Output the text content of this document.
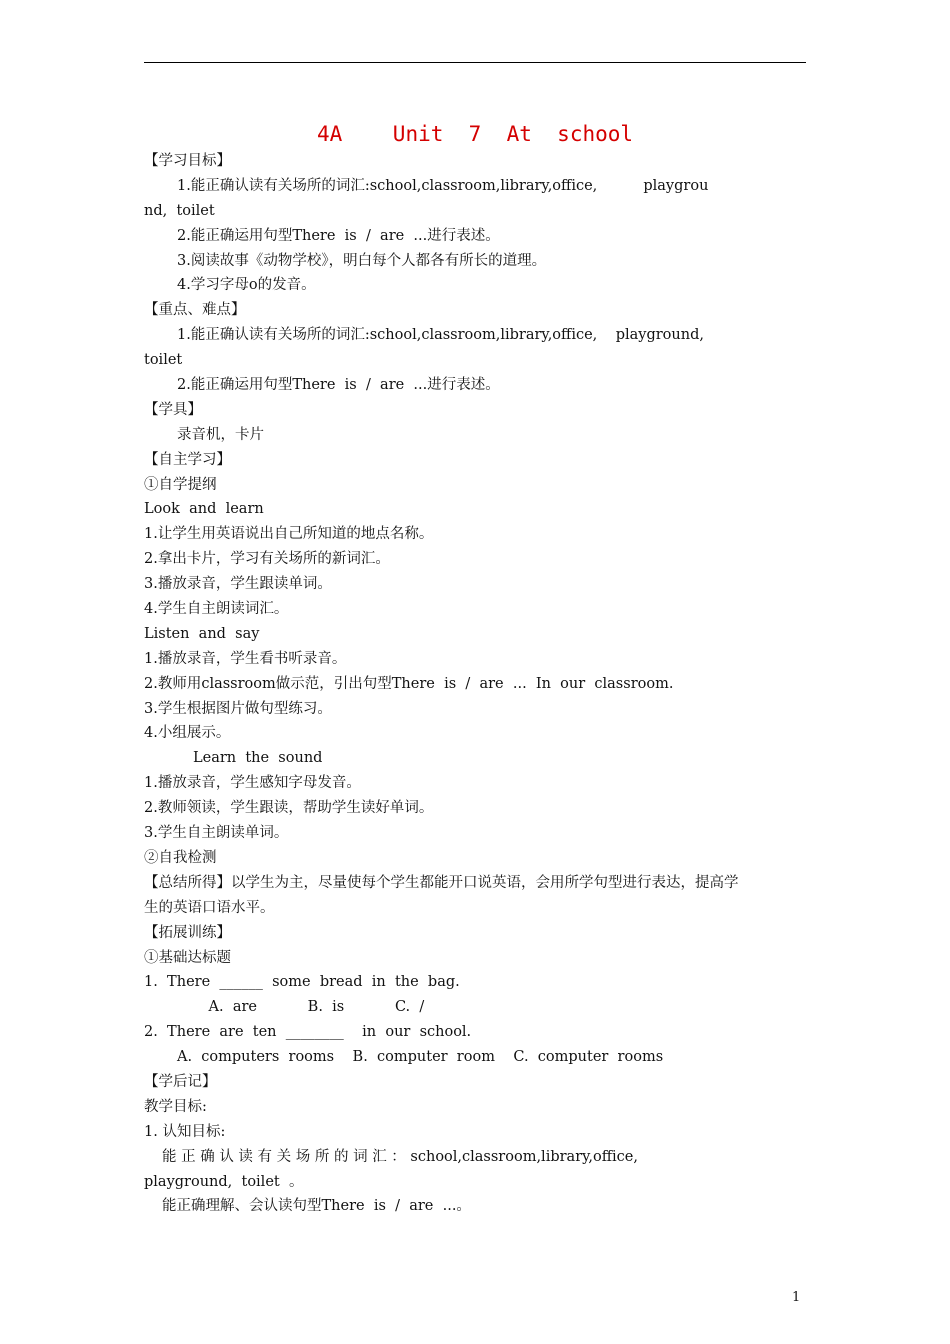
4A    Unit  7  At  school
【学习目标】
1.能正确认读有关场所的词汇:school,classroom,library,office,          playgrou
nd,  toilet
2.能正确运用句型There  is  /  are  ...进行表述。
3.阅读故事《动物学校》，明白每个人都各有所长的道理。
4.学习字母o的发音。
【重点、难点】
1.能正确认读有关场所的词汇:school,classroom,library,office,    playground,
toilet
2.能正确运用句型There  is  /  are  ...进行表述。
【学具】
录音机，卡片
【自主学习】
①自学提纲
Look  and  learn
1.让学生用英语说出自己所知道的地点名称。
2.拿出卡片，学习有关场所的新词汇。
3.播放录音，学生跟读单词。
4.学生自主朗读词汇。
Listen  and  say
1.播放录音，学生看书听录音。
2.教师用classroom做示范，引出句型There  is  /  are  ...  In  our  classroom.
3.学生根据图片做句型练习。
4.小组展示。
Learn  the  sound
1.播放录音，学生感知字母发音。
2.教师领读，学生跟读，帮助学生读好单词。
3.学生自主朗读单词。
②自我检测
【总结所得】以学生为主，尽量使每个学生都能开口说英语，会用所学句型进行表达，提高学
生的英语口语水平。
【拓展训练】
①基础达标题
1.  There  ______  some  bread  in  the  bag.
A.  are           B.  is           C.  /
2.  There  are  ten  ________    in  our  school.
A.  computers  rooms    B.  computer  room    C.  computer  rooms
【学后记】
教学目标:
1. 认知目标:
能 正 确 认 读 有 关 场 所 的 词 汇 ： school,classroom,library,office,
playground,  toilet  。
能正确理解、会认读句型There  is  /  are  ...。
1
